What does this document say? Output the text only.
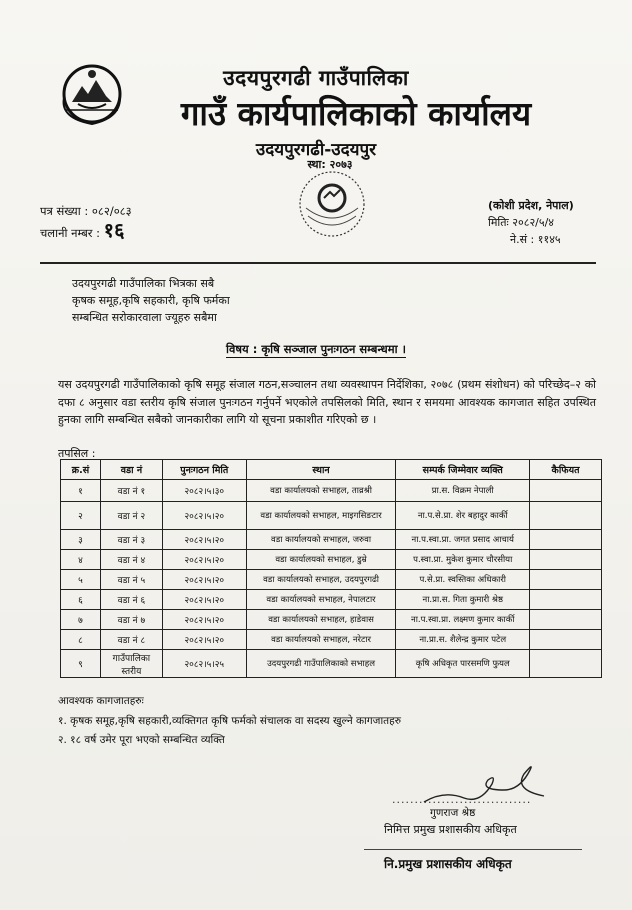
उदयपुरगढी गाउँपालिका
गाउँ कार्यपालिकाको कार्यालय
उदयपुरगढी-उदयपुर
स्था: २०७३
पत्र संख्या : ०८२/०८३
चलानी नम्बर : १६
(कोशी प्रदेश, नेपाल)
मितिः २०८२/५/४
ने.सं : ११४५
उदयपुरगढी गाउँपालिका भित्रका सबै
कृषक समूह,कृषि सहकारी, कृषि फर्मका
सम्बन्धित सरोकारवाला ज्यूहरु सबैमा
विषय : कृषि सञ्जाल पुनःगठन सम्बन्धमा ।
यस उदयपुरगढी गाउँपालिकाको कृषि समूह संजाल गठन,सञ्चालन तथा व्यवस्थापन निर्देशिका, २०७८ (प्रथम संशोधन) को परिच्छेद–२ को दफा ८ अनुसार वडा स्तरीय कृषि संजाल पुनःगठन गर्नुपर्ने भएकोले तपसिलको मिति, स्थान र समयमा आवश्यक कागजात सहित उपस्थित हुनका लागि सम्बन्धित सबैको जानकारीका लागि यो सूचना प्रकाशीत गरिएको छ ।
तपसिल :
क्र.सं	वडा नं	पुनःगठन मिति	स्थान	सम्पर्क जिम्मेवार व्यक्ति	कैफियत
१	वडा नं १	२०८२।५।३०	वडा कार्यालयको सभाहल, ताव्रश्री	प्रा.स. विक्रम नेपाली	
२	वडा नं २	२०८२।५।२०	वडा कार्यालयको सभाहल, माइगसिङटार	ना.प.से.प्रा. शेर बहादुर कार्की	
३	वडा नं ३	२०८२।५।२०	वडा कार्यालयको सभाहल, जरुवा	ना.प.स्वा.प्रा. जगत प्रसाद आचार्य	
४	वडा नं ४	२०८२।५।२०	वडा कार्यालयको सभाहल, डुम्रे	प.स्वा.प्रा. मुकेश कुमार चौरसीया	
५	वडा नं ५	२०८२।५।२०	वडा कार्यालयको सभाहल, उदयपुरगढी	प.से.प्रा. स्वस्तिका अधिकारी	
६	वडा नं ६	२०८२।५।२०	वडा कार्यालयको सभाहल, नेपालटार	ना.प्रा.स. गिता कुमारी श्रेष्ठ	
७	वडा नं ७	२०८२।५।२०	वडा कार्यालयको सभाहल, हाडेवास	ना.प.स्वा.प्रा. लक्ष्मण कुमार कार्की	
८	वडा नं ८	२०८२।५।२०	वडा कार्यालयको सभाहल, नरेटार	ना.प्रा.स. शैलेन्द्र कुमार पटेल	
९	गाउँपालिका स्तरीय	२०८२।५।२५	उदयपुरगढी गाउँपालिकाको सभाहल	कृषि अधिकृत पारसमणि फुयल	
आवश्यक कागजातहरुः
१. कृषक समूह,कृषि सहकारी,व्यक्तिगत कृषि फर्मको संचालक वा सदस्य खुल्ने कागजातहरु
२. १८ वर्ष उमेर पूरा भएको सम्बन्धित व्यक्ति
...............................
गुणराज श्रेष्ठ
निमित्त प्रमुख प्रशासकीय अधिकृत
नि.प्रमुख प्रशासकीय अधिकृत
